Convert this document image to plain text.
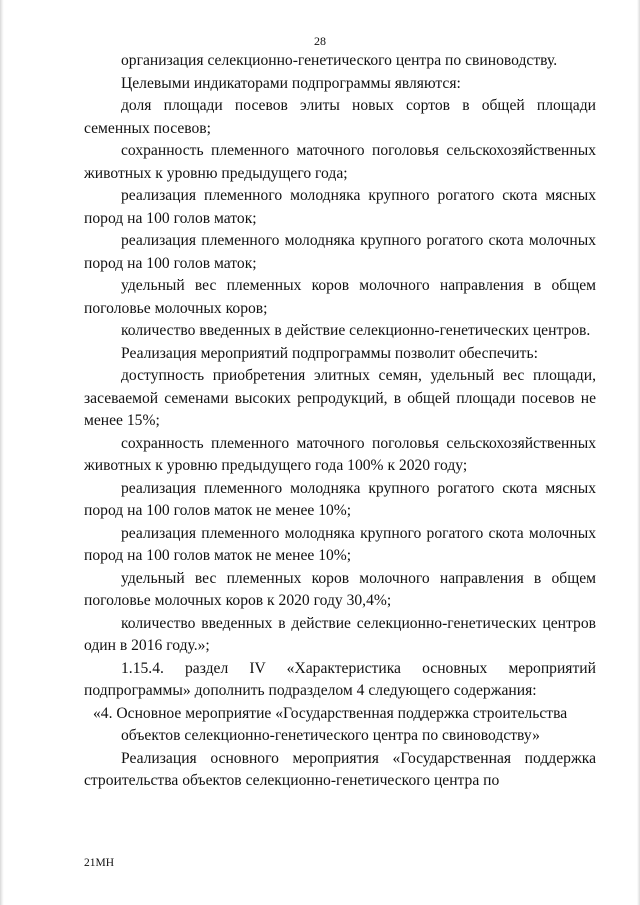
28

организация селекционно-генетического центра по свиноводству.

Целевыми индикаторами подпрограммы являются:

доля площади посевов элиты новых сортов в общей площади семенных посевов;

сохранность племенного маточного поголовья сельскохозяйственных животных к уровню предыдущего года;

реализация племенного молодняка крупного рогатого скота мясных пород на 100 голов маток;

реализация племенного молодняка крупного рогатого скота молочных пород на 100 голов маток;

удельный вес племенных коров молочного направления в общем поголовье молочных коров;

количество введенных в действие селекционно-генетических центров.

Реализация мероприятий подпрограммы позволит обеспечить:

доступность приобретения элитных семян, удельный вес площади, засеваемой семенами высоких репродукций, в общей площади посевов не менее 15%;

сохранность племенного маточного поголовья сельскохозяйственных животных к уровню предыдущего года 100% к 2020 году;

реализация племенного молодняка крупного рогатого скота мясных пород на 100 голов маток не менее 10%;

реализация племенного молодняка крупного рогатого скота молочных пород на 100 голов маток не менее 10%;

удельный вес племенных коров молочного направления в общем поголовье молочных коров к 2020 году 30,4%;

количество введенных в действие селекционно-генетических центров один в 2016 году.»;

1.15.4. раздел IV «Характеристика основных мероприятий подпрограммы» дополнить подразделом 4 следующего содержания:

«4. Основное мероприятие «Государственная поддержка строительства

объектов селекционно-генетического центра по свиноводству»

Реализация основного мероприятия «Государственная поддержка строительства объектов селекционно-генетического центра по

21МН
